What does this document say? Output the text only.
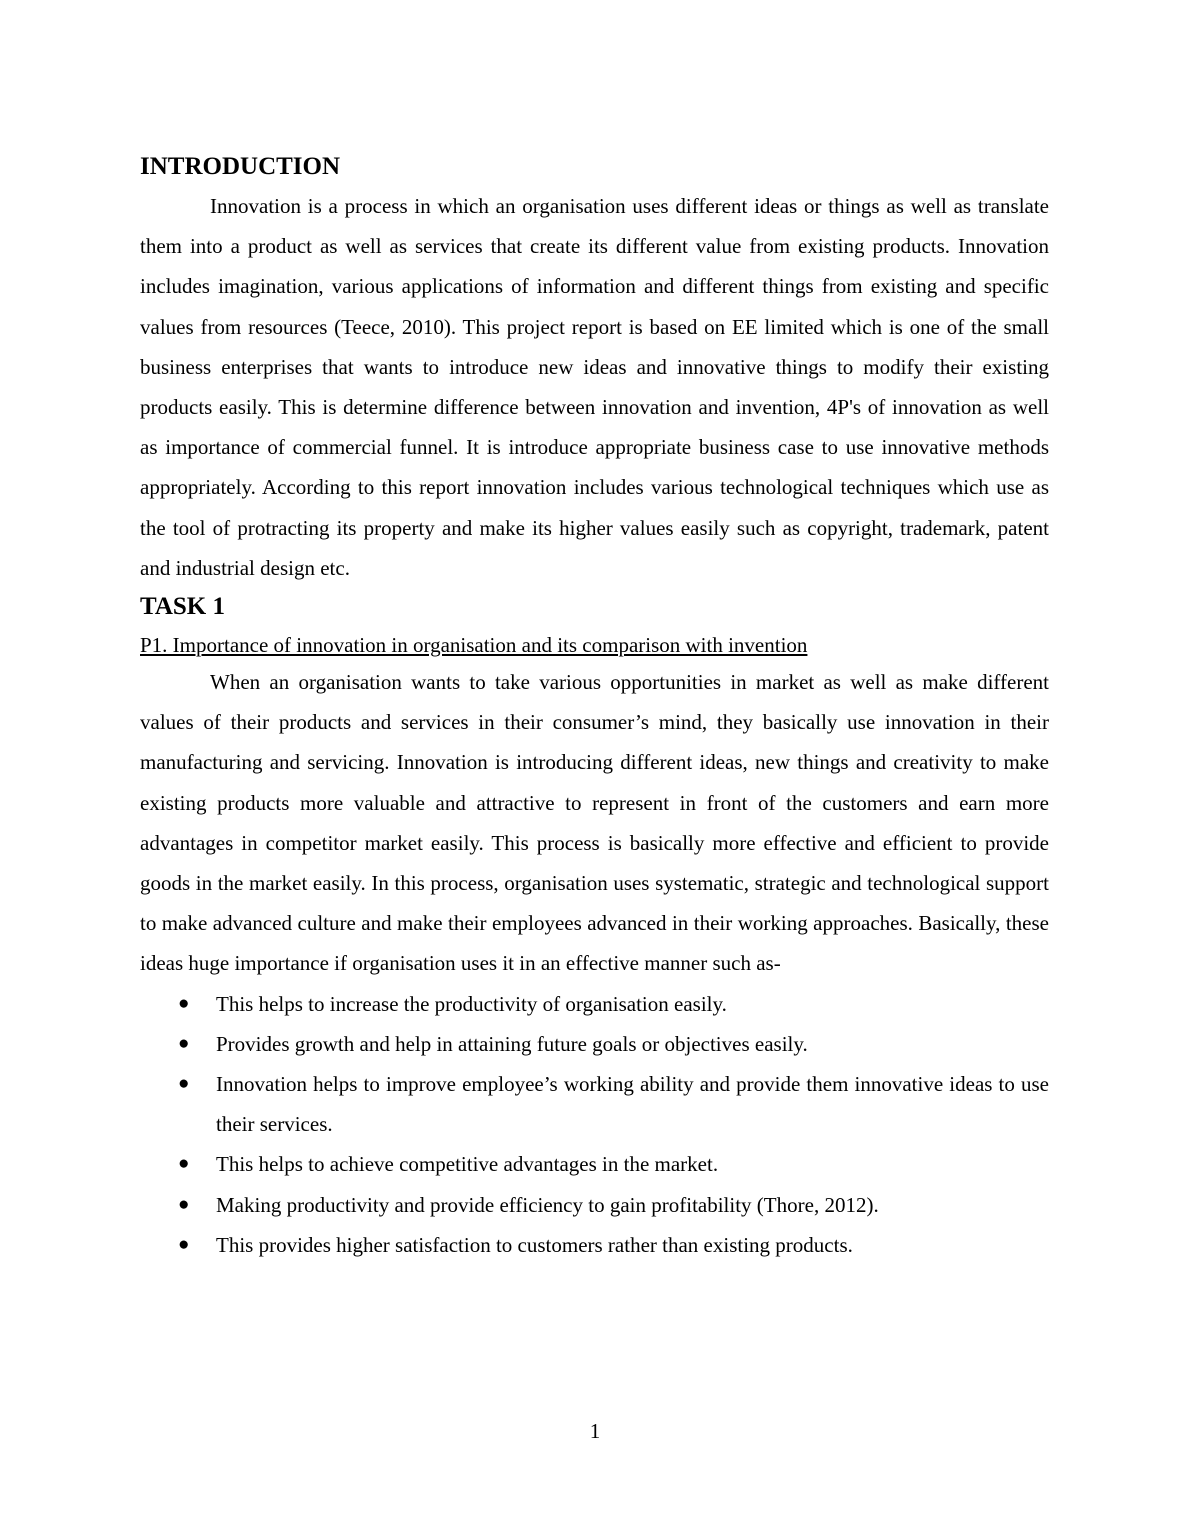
INTRODUCTION

Innovation is a process in which an organisation uses different ideas or things as well as translate them into a product as well as services that create its different value from existing products. Innovation includes imagination, various applications of information and different things from existing and specific values from resources (Teece, 2010). This project report is based on EE limited which is one of the small business enterprises that wants to introduce new ideas and innovative things to modify their existing products easily. This is determine difference between innovation and invention, 4P's of innovation as well as importance of commercial funnel. It is introduce appropriate business case to use innovative methods appropriately. According to this report innovation includes various technological techniques which use as the tool of protracting its property and make its higher values easily such as copyright, trademark, patent and industrial design etc.

TASK 1

P1. Importance of innovation in organisation and its comparison with invention

When an organisation wants to take various opportunities in market as well as make different values of their products and services in their consumer’s mind, they basically use innovation in their manufacturing and servicing. Innovation is introducing different ideas, new things and creativity to make existing products more valuable and attractive to represent in front of the customers and earn more advantages in competitor market easily. This process is basically more effective and efficient to provide goods in the market easily. In this process, organisation uses systematic, strategic and technological support to make advanced culture and make their employees advanced in their working approaches. Basically, these ideas huge importance if organisation uses it in an effective manner such as-

● This helps to increase the productivity of organisation easily.
● Provides growth and help in attaining future goals or objectives easily.
● Innovation helps to improve employee’s working ability and provide them innovative ideas to use their services.
● This helps to achieve competitive advantages in the market.
● Making productivity and provide efficiency to gain profitability (Thore, 2012).
● This provides higher satisfaction to customers rather than existing products.
1
